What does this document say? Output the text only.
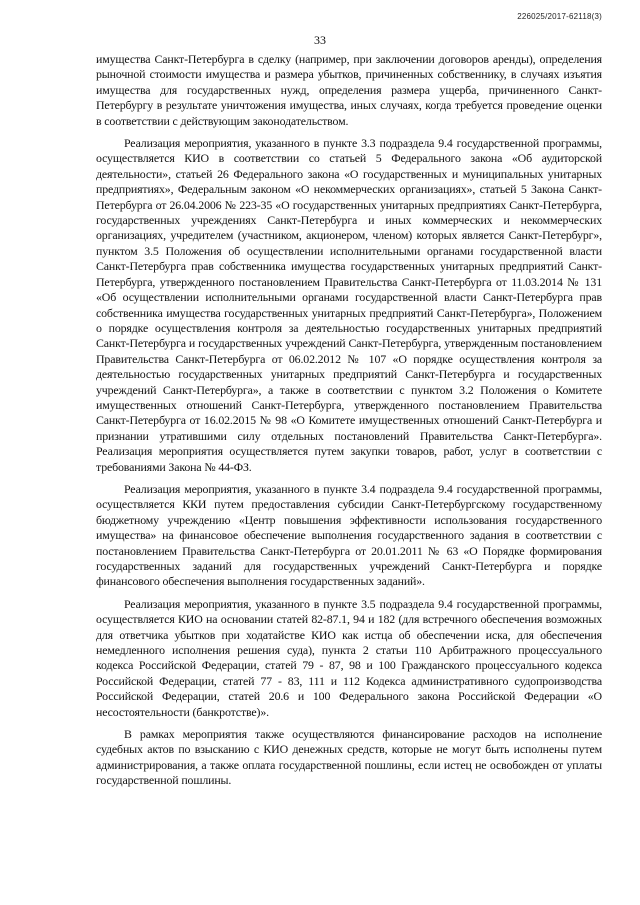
226025/2017-62118(3)
33

имущества Санкт-Петербурга в сделку (например, при заключении договоров аренды), определения рыночной стоимости имущества и размера убытков, причиненных собственнику, в случаях изъятия имущества для государственных нужд, определения размера ущерба, причиненного Санкт-Петербургу в результате уничтожения имущества, иных случаях, когда требуется проведение оценки в соответствии с действующим законодательством.

Реализация мероприятия, указанного в пункте 3.3 подраздела 9.4 государственной программы, осуществляется КИО в соответствии со статьей 5 Федерального закона «Об аудиторской деятельности», статьей 26 Федерального закона «О государственных и муниципальных унитарных предприятиях», Федеральным законом «О некоммерческих организациях», статьей 5 Закона Санкт-Петербурга от 26.04.2006 № 223-35 «О государственных унитарных предприятиях Санкт-Петербурга, государственных учреждениях Санкт-Петербурга и иных коммерческих и некоммерческих организациях, учредителем (участником, акционером, членом) которых является Санкт-Петербург», пунктом 3.5 Положения об осуществлении исполнительными органами государственной власти Санкт-Петербурга прав собственника имущества государственных унитарных предприятий Санкт-Петербурга, утвержденного постановлением Правительства Санкт-Петербурга от 11.03.2014 № 131 «Об осуществлении исполнительными органами государственной власти Санкт-Петербурга прав собственника имущества государственных унитарных предприятий Санкт-Петербурга», Положением о порядке осуществления контроля за деятельностью государственных унитарных предприятий Санкт-Петербурга и государственных учреждений Санкт-Петербурга, утвержденным постановлением Правительства Санкт-Петербурга от 06.02.2012 № 107 «О порядке осуществления контроля за деятельностью государственных унитарных предприятий Санкт-Петербурга и государственных учреждений Санкт-Петербурга», а также в соответствии с пунктом 3.2 Положения о Комитете имущественных отношений Санкт-Петербурга, утвержденного постановлением Правительства Санкт-Петербурга от 16.02.2015 № 98 «О Комитете имущественных отношений Санкт-Петербурга и признании утратившими силу отдельных постановлений Правительства Санкт-Петербурга». Реализация мероприятия осуществляется путем закупки товаров, работ, услуг в соответствии с требованиями Закона № 44-ФЗ.

Реализация мероприятия, указанного в пункте 3.4 подраздела 9.4 государственной программы, осуществляется ККИ путем предоставления субсидии Санкт-Петербургскому государственному бюджетному учреждению «Центр повышения эффективности использования государственного имущества» на финансовое обеспечение выполнения государственного задания в соответствии с постановлением Правительства Санкт-Петербурга от 20.01.2011 № 63 «О Порядке формирования государственных заданий для государственных учреждений Санкт-Петербурга и порядке финансового обеспечения выполнения государственных заданий».

Реализация мероприятия, указанного в пункте 3.5 подраздела 9.4 государственной программы, осуществляется КИО на основании статей 82-87.1, 94 и 182 (для встречного обеспечения возможных для ответчика убытков при ходатайстве КИО как истца об обеспечении иска, для обеспечения немедленного исполнения решения суда), пункта 2 статьи 110 Арбитражного процессуального кодекса Российской Федерации, статей 79 - 87, 98 и 100 Гражданского процессуального кодекса Российской Федерации, статей 77 - 83, 111 и 112 Кодекса административного судопроизводства Российской Федерации, статей 20.6 и 100 Федерального закона Российской Федерации «О несостоятельности (банкротстве)».

В рамках мероприятия также осуществляются финансирование расходов на исполнение судебных актов по взысканию с КИО денежных средств, которые не могут быть исполнены путем администрирования, а также оплата государственной пошлины, если истец не освобожден от уплаты государственной пошлины.
